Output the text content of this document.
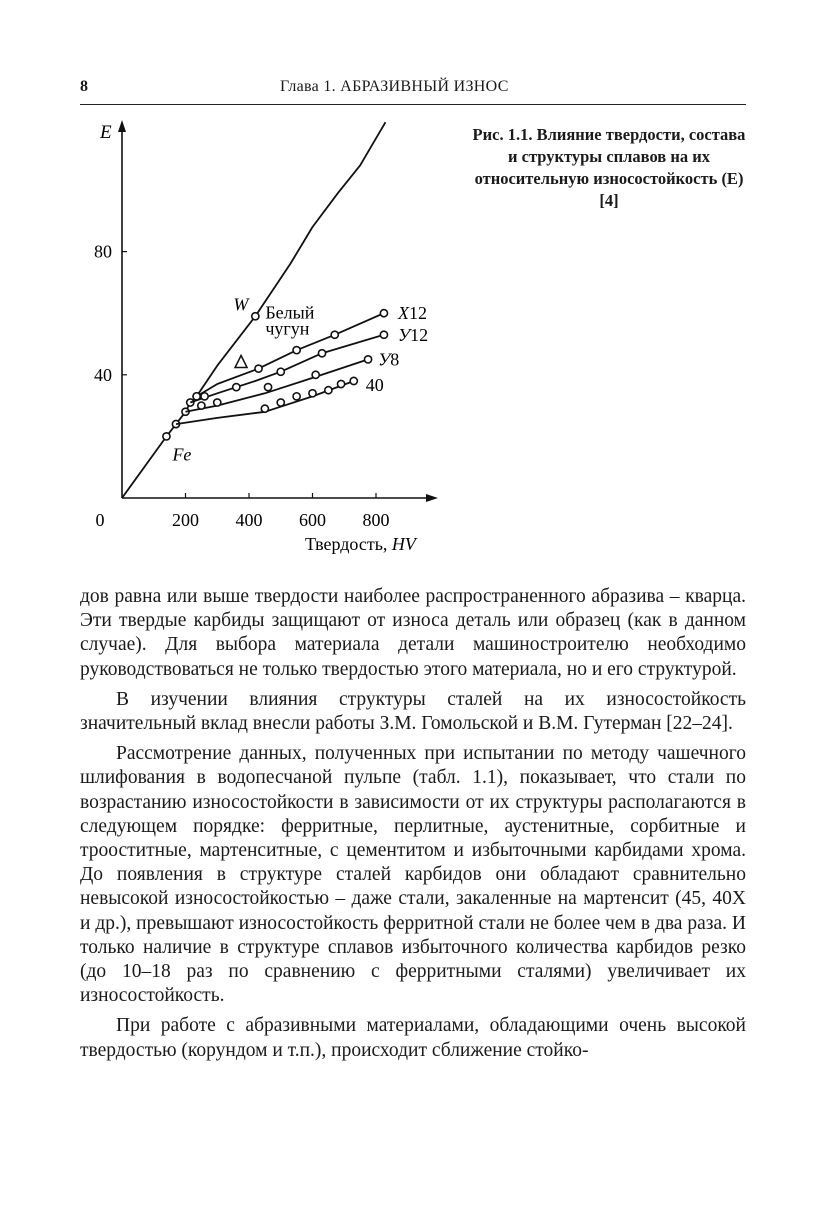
8	Глава 1. АБРАЗИВНЫЙ ИЗНОС
200 400 600 800
0
40
80
E
Твердость, HV
W Белый
чугун
Fe
Х12
У12
У8
40
Рис. 1.1. Влияние твердости, состава и структуры сплавов на их относительную износостойкость (E) [4]

дов равна или выше твердости наиболее распространенного абразива – кварца. Эти твердые карбиды защищают от износа деталь или образец (как в данном случае). Для выбора материала детали машиностроителю необходимо руководствоваться не только твердостью этого материала, но и его структурой.

В изучении влияния структуры сталей на их износостойкость значительный вклад внесли работы З.М. Гомольской и В.М. Гутерман [22–24].

Рассмотрение данных, полученных при испытании по методу чашечного шлифования в водопесчаной пульпе (табл. 1.1), показывает, что стали по возрастанию износостойкости в зависимости от их структуры располагаются в следующем порядке: ферритные, перлитные, аустенитные, сорбитные и трооститные, мартенситные, с цементитом и избыточными карбидами хрома. До появления в структуре сталей карбидов они обладают сравнительно невысокой износостойкостью – даже стали, закаленные на мартенсит (45, 40Х и др.), превышают износостойкость ферритной стали не более чем в два раза. И только наличие в структуре сплавов избыточного количества карбидов резко (до 10–18 раз по сравнению с ферритными сталями) увеличивает их износостойкость.

При работе с абразивными материалами, обладающими очень высокой твердостью (корундом и т.п.), происходит сближение стойко-
